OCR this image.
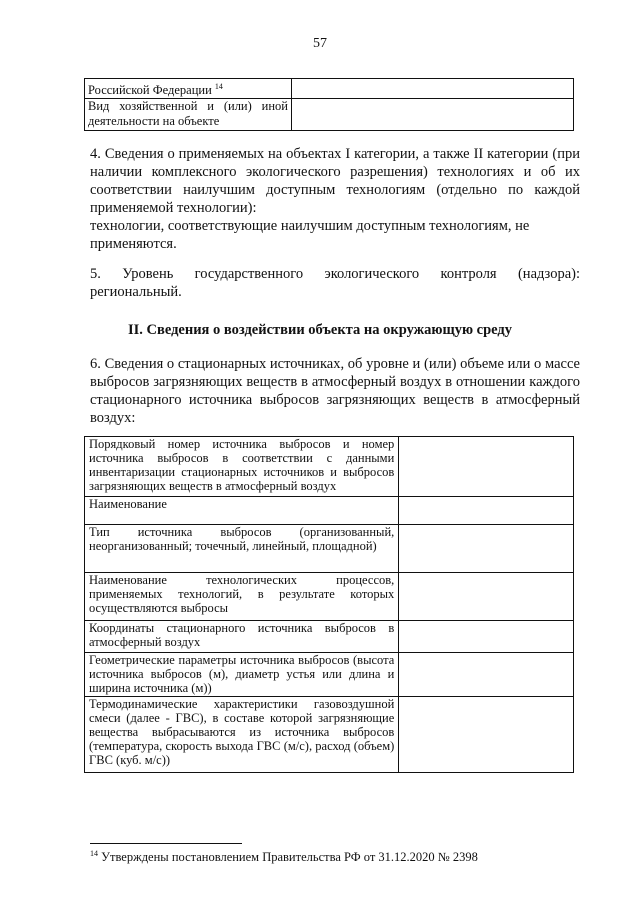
57
Российской Федерации $^{14}$	
Вид хозяйственной и (или) иной деятельности на объекте	

4. Сведения о применяемых на объектах I категории, а также II категории (при наличии комплексного экологического разрешения) технологиях и об их соответствии наилучшим доступным технологиям (отдельно по каждой применяемой технологии):

технологии, соответствующие наилучшим доступным технологиям, не применяются.

5. Уровень государственного экологического контроля (надзора): региональный.

II. Сведения о воздействии объекта на окружающую среду

6. Сведения о стационарных источниках, об уровне и (или) объеме или о массе выбросов загрязняющих веществ в атмосферный воздух в отношении каждого стационарного источника выбросов загрязняющих веществ в атмосферный воздух:

Порядковый номер источника выбросов и номер источника выбросов в соответствии с данными инвентаризации стационарных источников и выбросов загрязняющих веществ в атмосферный воздух	
Наименование	
Тип источника выбросов (организованный, неорганизованный; точечный, линейный, площадной)	
Наименование технологических процессов, применяемых технологий, в результате которых осуществляются выбросы	
Координаты стационарного источника выбросов в атмосферный воздух	
Геометрические параметры источника выбросов (высота источника выбросов (м), диаметр устья или длина и ширина источника (м))	
Термодинамические характеристики газовоздушной смеси (далее - ГВС), в составе которой загрязняющие вещества выбрасываются из источника выбросов (температура, скорость выхода ГВС (м/с), расход (объем) ГВС (куб. м/с))	
$^{14}$ Утверждены постановлением Правительства РФ от 31.12.2020 № 2398
